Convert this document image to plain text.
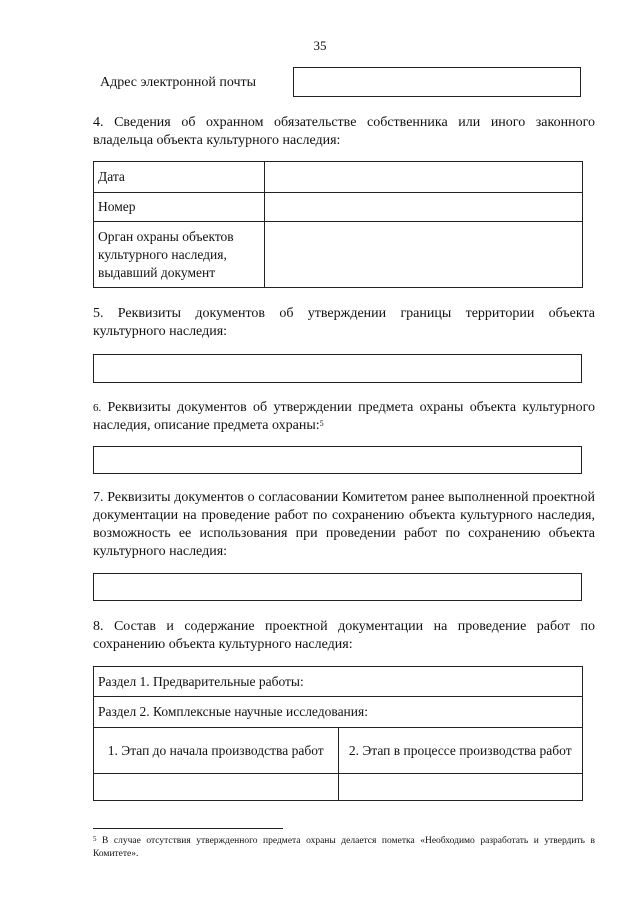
35
Адрес электронной почты
4. Сведения об охранном обязательстве собственника или иного законного владельца объекта культурного наследия:
Дата	
Номер	
Орган охраны объектов культурного наследия, выдавший документ	
5. Реквизиты документов об утверждении границы территории объекта культурного наследия:
6. Реквизиты документов об утверждении предмета охраны объекта культурного наследия, описание предмета охраны:$^5$
7. Реквизиты документов о согласовании Комитетом ранее выполненной проектной документации на проведение работ по сохранению объекта культурного наследия, возможность ее использования при проведении работ по сохранению объекта культурного наследия:
8. Состав и содержание проектной документации на проведение работ по сохранению объекта культурного наследия:
Раздел 1. Предварительные работы:	
Раздел 2. Комплексные научные исследования:	
1. Этап до начала производства работ	2. Этап в процессе производства работ

$^5$ В случае отсутствия утвержденного предмета охраны делается пометка «Необходимо разработать и утвердить в Комитете».
